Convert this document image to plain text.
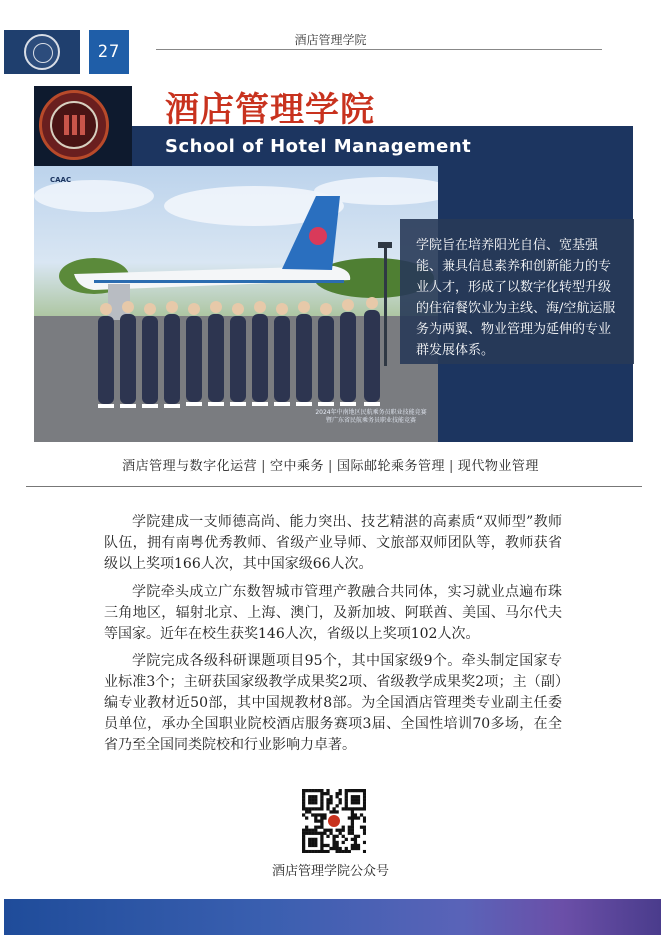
27
酒店管理学院
酒店管理学院
School of Hotel Management
CAAC
2024年中南地区民航乘务员职业技能竞赛
暨广东省民航乘务员职业技能竞赛
学院旨在培养阳光自信、宽基强能、兼具信息素养和创新能力的专业人才，形成了以数字化转型升级的住宿餐饮业为主线、海/空航运服务为两翼、物业管理为延伸的专业群发展体系。
酒店管理与数字化运营 | 空中乘务 | 国际邮轮乘务管理 | 现代物业管理

学院建成一支师德高尚、能力突出、技艺精湛的高素质“双师型”教师队伍，拥有南粤优秀教师、省级产业导师、文旅部双师团队等，教师获省级以上奖项166人次，其中国家级66人次。

学院牵头成立广东数智城市管理产教融合共同体，实习就业点遍布珠三角地区，辐射北京、上海、澳门，及新加坡、阿联酋、美国、马尔代夫等国家。近年在校生获奖146人次，省级以上奖项102人次。

学院完成各级科研课题项目95个，其中国家级9个。牵头制定国家专业标准3个；主研获国家级教学成果奖2项、省级教学成果奖2项；主（副）编专业教材近50部，其中国规教材8部。为全国酒店管理类专业副主任委员单位，承办全国职业院校酒店服务赛项3届、全国性培训70多场，在全省乃至全国同类院校和行业影响力卓著。

酒店管理学院公众号
